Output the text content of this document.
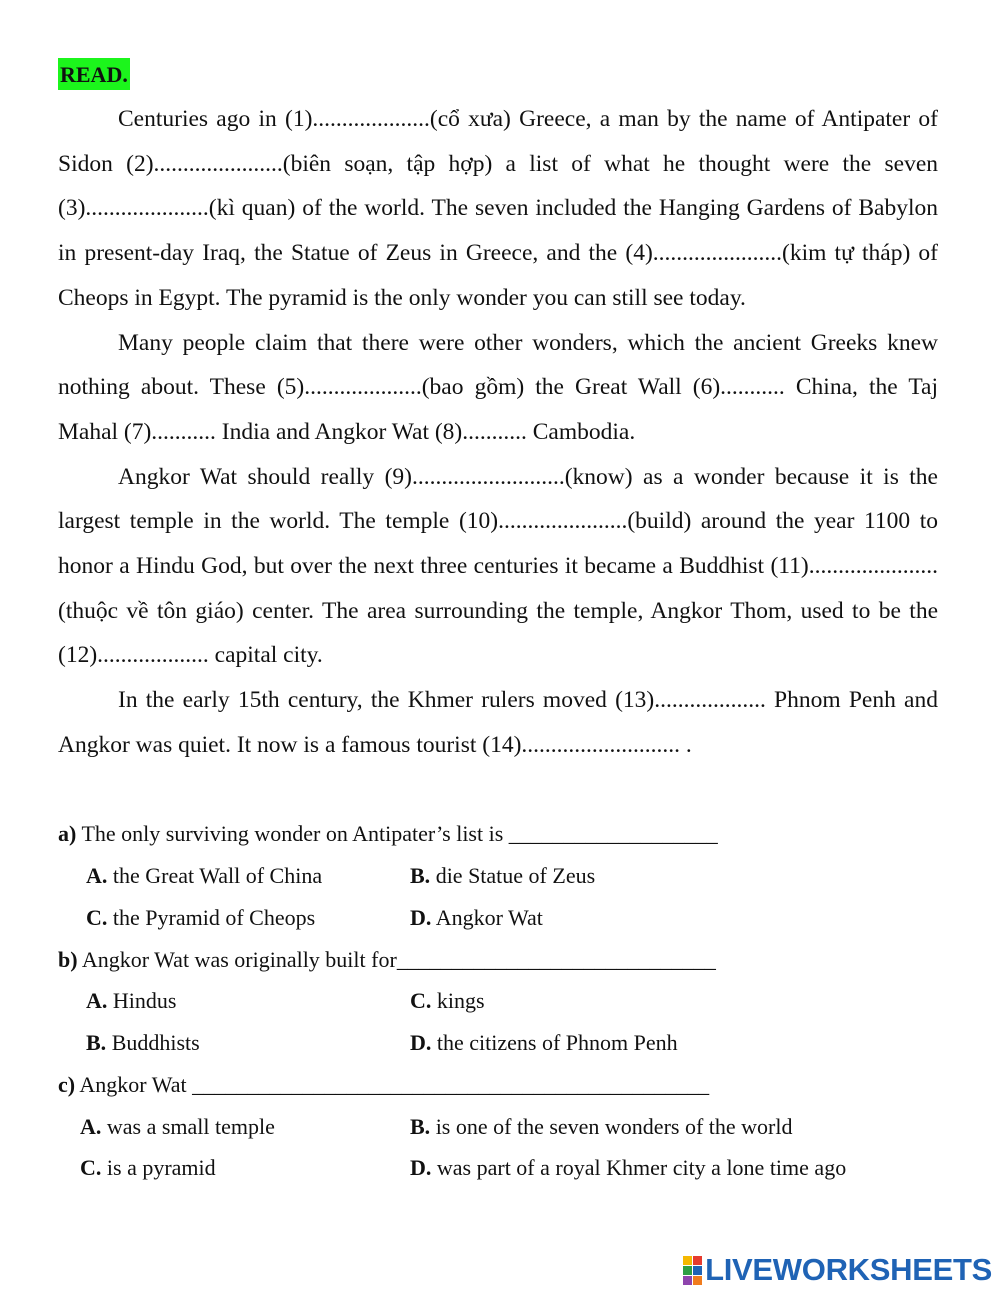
READ.

Centuries ago in (1)....................(cổ xưa) Greece, a man by the name of Antipater of Sidon (2)......................(biên soạn, tập hợp) a list of what he thought were the seven (3).....................(kì quan) of the world. The seven included the Hanging Gardens of Babylon in present-day Iraq, the Statue of Zeus in Greece, and the (4)......................(kim tự tháp) of Cheops in Egypt. The pyramid is the only wonder you can still see today.

Many people claim that there were other wonders, which the ancient Greeks knew nothing about. These (5)....................(bao gồm) the Great Wall (6)........... China, the Taj Mahal (7)........... India and Angkor Wat (8)........... Cambodia.

Angkor Wat should really (9)..........................(know) as a wonder because it is the largest temple in the world. The temple (10)......................(build) around the year 1100 to honor a Hindu God, but over the next three centuries it became a Buddhist (11)......................(thuộc về tôn giáo) center. The area surrounding the temple, Angkor Thom, used to be the (12)................... capital city.

In the early 15th century, the Khmer rulers moved (13)................... Phnom Penh and Angkor was quiet. It now is a famous tourist (14)........................... .

a) The only surviving wonder on Antipater’s list is ___________________
A. the Great Wall of China	B. die Statue of Zeus
C. the Pyramid of Cheops	D. Angkor Wat
b) Angkor Wat was originally built for_____________________________
A. Hindus	C. kings
B. Buddhists	D. the citizens of Phnom Penh
c) Angkor Wat _______________________________________________
A. was a small temple	B. is one of the seven wonders of the world
C. is a pyramid	D. was part of a royal Khmer city a lone time ago
LIVEWORKSHEETS
